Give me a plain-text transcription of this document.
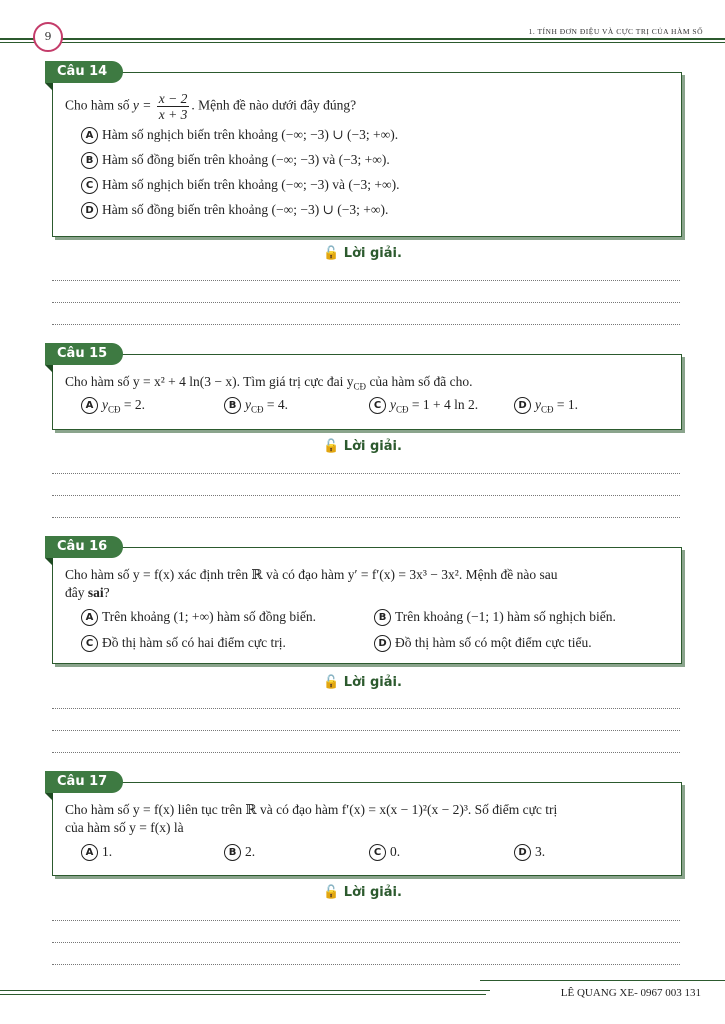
9	1. TÍNH ĐƠN ĐIỆU VÀ CỰC TRỊ CỦA HÀM SỐ
Câu 14
Cho hàm số $y = \frac{x - 2}{x + 3}$ . Mệnh đề nào dưới đây đúng?
A Hàm số nghịch biến trên khoảng (−∞; −3) ∪ (−3; +∞).
B Hàm số đồng biến trên khoảng (−∞; −3) và (−3; +∞).
C Hàm số nghịch biến trên khoảng (−∞; −3) và (−3; +∞).
D Hàm số đồng biến trên khoảng (−∞; −3) ∪ (−3; +∞).
🔓 Lời giải.
Câu 15
Cho hàm số y = x² + 4 ln(3 − x). Tìm giá trị cực đai $y_{CĐ}$ của hàm số đã cho.
A $y_{CĐ} = 2$.	B $y_{CĐ} = 4$.	C $y_{CĐ} = 1 + 4$ ln 2.	D $y_{CĐ} = 1$.
🔓 Lời giải.
Câu 16
Cho hàm số y = f(x) xác định trên ℝ và có đạo hàm y′ = f′(x) = 3x³ − 3x². Mệnh đề nào sau
đây sai?
A Trên khoảng (1; +∞) hàm số đồng biến.	B Trên khoảng (−1; 1) hàm số nghịch biến.
C Đồ thị hàm số có hai điểm cực trị.	D Đồ thị hàm số có một điểm cực tiểu.
🔓 Lời giải.
Câu 17
Cho hàm số y = f(x) liên tục trên ℝ và có đạo hàm f′(x) = x(x − 1)²(x − 2)³. Số điểm cực trị
của hàm số y = f(x) là
A 1.	B 2.	C 0.	D 3.
🔓 Lời giải.
LÊ QUANG XE- 0967 003 131
